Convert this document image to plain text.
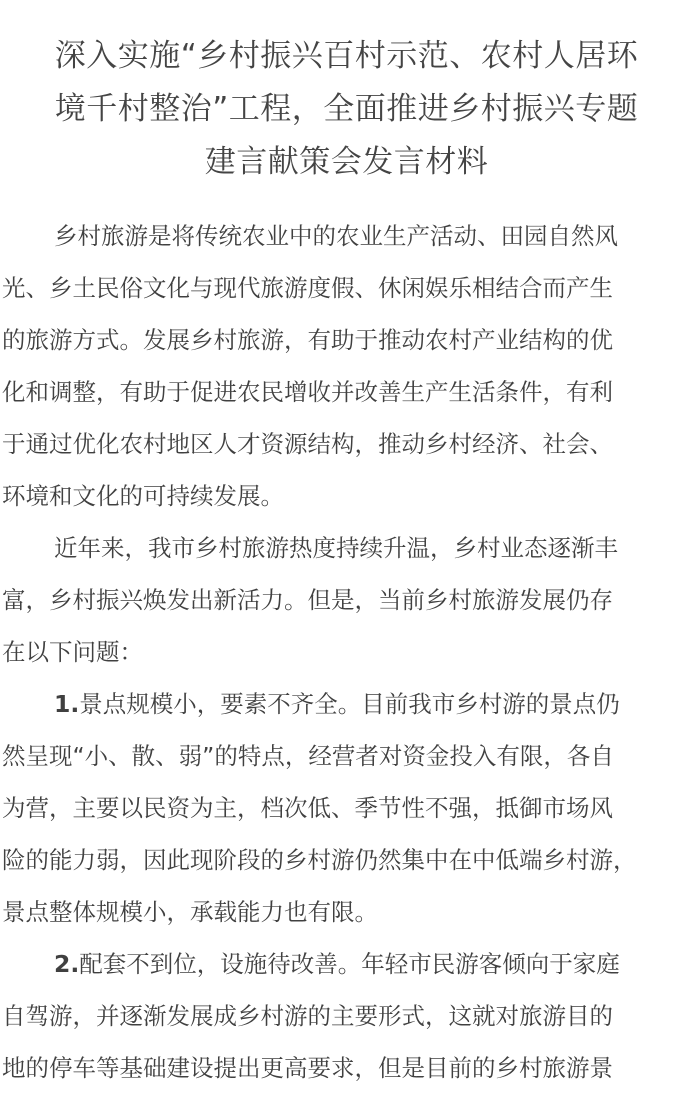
深入实施“乡村振兴百村示范、农村人居环
境千村整治”工程，全面推进乡村振兴专题
建言献策会发言材料
乡村旅游是将传统农业中的农业生产活动、田园自然风
光、乡土民俗文化与现代旅游度假、休闲娱乐相结合而产生
的旅游方式。发展乡村旅游，有助于推动农村产业结构的优
化和调整，有助于促进农民增收并改善生产生活条件，有利
于通过优化农村地区人才资源结构，推动乡村经济、社会、
环境和文化的可持续发展。
近年来，我市乡村旅游热度持续升温，乡村业态逐渐丰
富，乡村振兴焕发出新活力。但是，当前乡村旅游发展仍存
在以下问题：
1.景点规模小，要素不齐全。目前我市乡村游的景点仍
然呈现“小、散、弱”的特点，经营者对资金投入有限，各自
为营，主要以民资为主，档次低、季节性不强，抵御市场风
险的能力弱，因此现阶段的乡村游仍然集中在中低端乡村游，
景点整体规模小，承载能力也有限。
2.配套不到位，设施待改善。年轻市民游客倾向于家庭
自驾游，并逐渐发展成乡村游的主要形式，这就对旅游目的
地的停车等基础建设提出更高要求，但是目前的乡村旅游景
